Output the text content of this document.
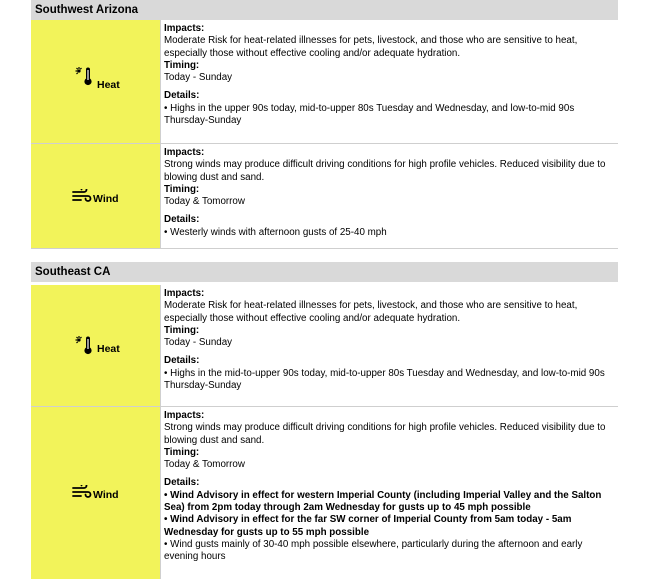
Southwest Arizona
Heat
Impacts:
Moderate Risk for heat-related illnesses for pets, livestock, and those who are sensitive to heat, especially those without effective cooling and/or adequate hydration.
Timing:
Today - Sunday
Details:
• Highs in the upper 90s today, mid-to-upper 80s Tuesday and Wednesday, and low-to-mid 90s Thursday-Sunday
Wind
Impacts:
Strong winds may produce difficult driving conditions for high profile vehicles. Reduced visibility due to blowing dust and sand.
Timing:
Today & Tomorrow
Details:
• Westerly winds with afternoon gusts of 25-40 mph
Southeast CA
Heat
Impacts:
Moderate Risk for heat-related illnesses for pets, livestock, and those who are sensitive to heat, especially those without effective cooling and/or adequate hydration.
Timing:
Today - Sunday
Details:
• Highs in the mid-to-upper 90s today, mid-to-upper 80s Tuesday and Wednesday, and low-to-mid 90s Thursday-Sunday
Wind
Impacts:
Strong winds may produce difficult driving conditions for high profile vehicles. Reduced visibility due to blowing dust and sand.
Timing:
Today & Tomorrow
Details:
• Wind Advisory in effect for western Imperial County (including Imperial Valley and the Salton Sea) from 2pm today through 2am Wednesday for gusts up to 45 mph possible
• Wind Advisory in effect for the far SW corner of Imperial County from 5am today - 5am Wednesday for gusts up to 55 mph possible
• Wind gusts mainly of 30-40 mph possible elsewhere, particularly during the afternoon and early evening hours
